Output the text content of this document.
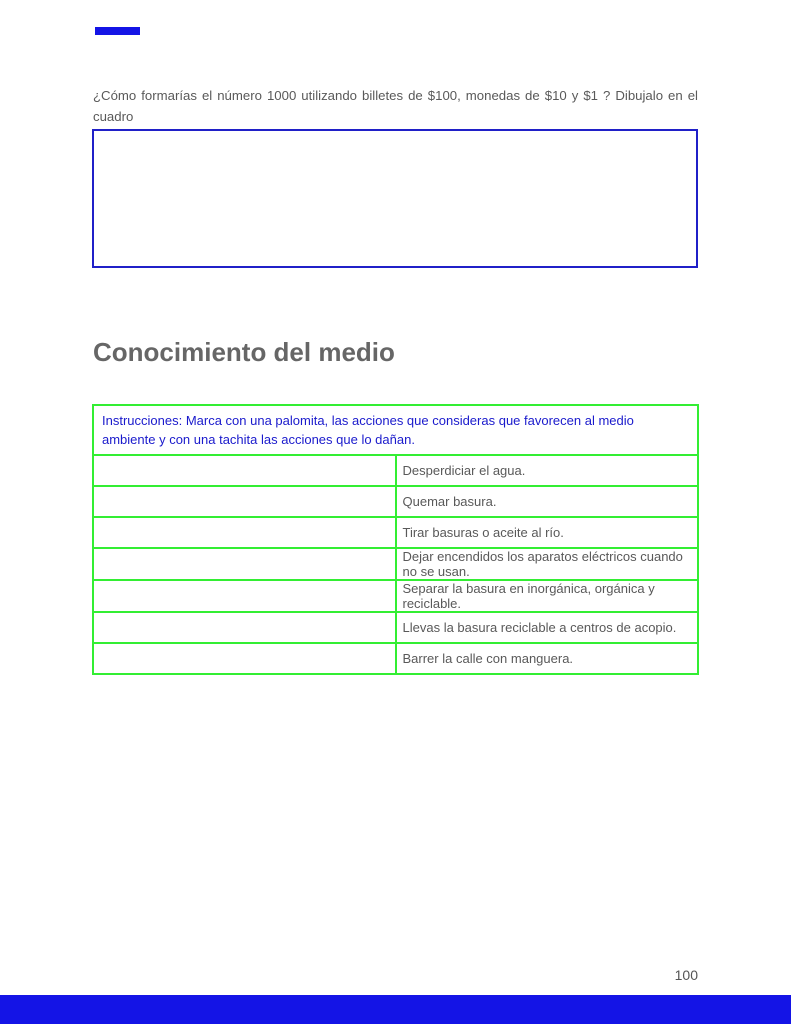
¿Cómo formarías el número 1000 utilizando billetes de $100, monedas de $10 y $1 ? Dibujalo en el cuadro
Conocimiento del medio
Instrucciones: Marca con una palomita, las acciones que consideras que favorecen al medio ambiente y con una tachita las acciones que lo dañan.	
	Desperdiciar el agua.
	Quemar basura.
	Tirar basuras o aceite al río.
	Dejar encendidos los aparatos eléctricos cuando no se usan.
	Separar la basura en inorgánica, orgánica y reciclable.
	Llevas la basura reciclable a centros de acopio.
	Barrer la calle con manguera.
100
